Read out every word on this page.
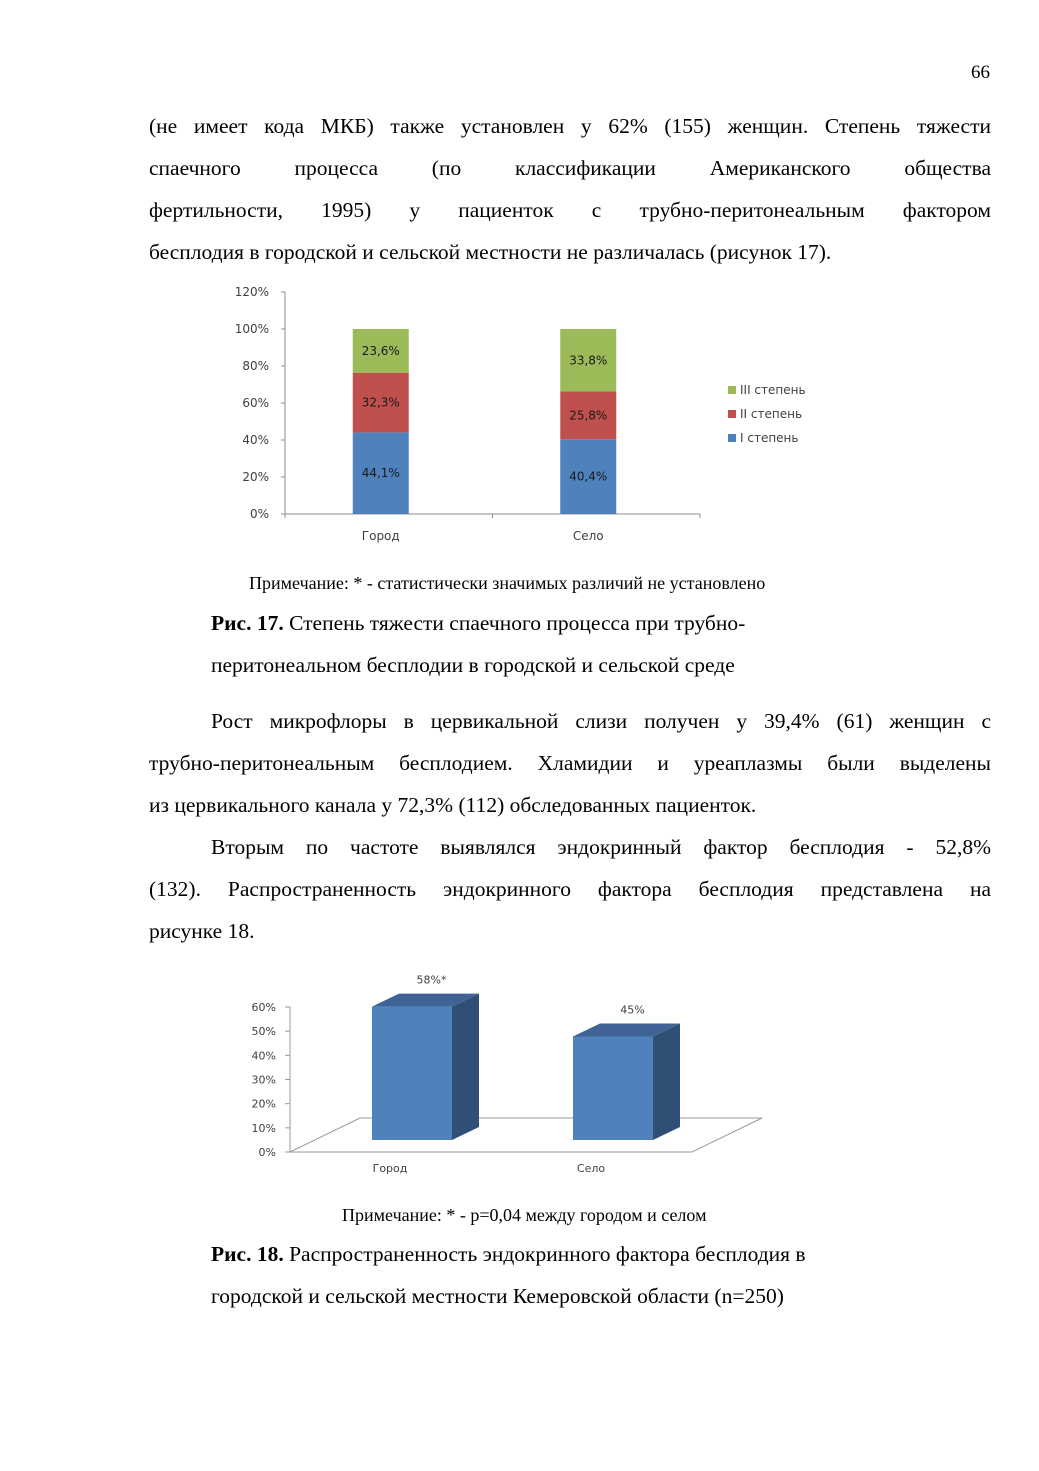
66

(не имеет кода МКБ) также установлен у 62% (155) женщин. Степень тяжести
спаечного процесса (по классификации Американского общества
фертильности, 1995) у пациенток с трубно-перитонеальным фактором
бесплодия в городской и сельской местности не различалась (рисунок 17).

0%
20%
40%
60%
80%
100%
120%
44,1%
32,3%
23,6%
Город
40,4%
25,8%
33,8%
Село
III степень
II степень
I степень
Примечание: * - статистически значимых различий не установлено
Рис. 17. Степень тяжести спаечного процесса при трубно-
перитонеальном бесплодии в городской и сельской среде

Рост микрофлоры в цервикальной слизи получен у 39,4% (61) женщин с
трубно-перитонеальным бесплодием. Хламидии и уреаплазмы были выделены
из цервикального канала у 72,3% (112) обследованных пациенток.

Вторым по частоте выявлялся эндокринный фактор бесплодия - 52,8%
(132). Распространенность эндокринного фактора бесплодия представлена на
рисунке 18.

0%
10%
20%
30%
40%
50%
60%
58%*
Город
45%
Село
Примечание: * - р=0,04 между городом и селом
Рис. 18. Распространенность эндокринного фактора бесплодия в
городской и сельской местности Кемеровской области (n=250)
